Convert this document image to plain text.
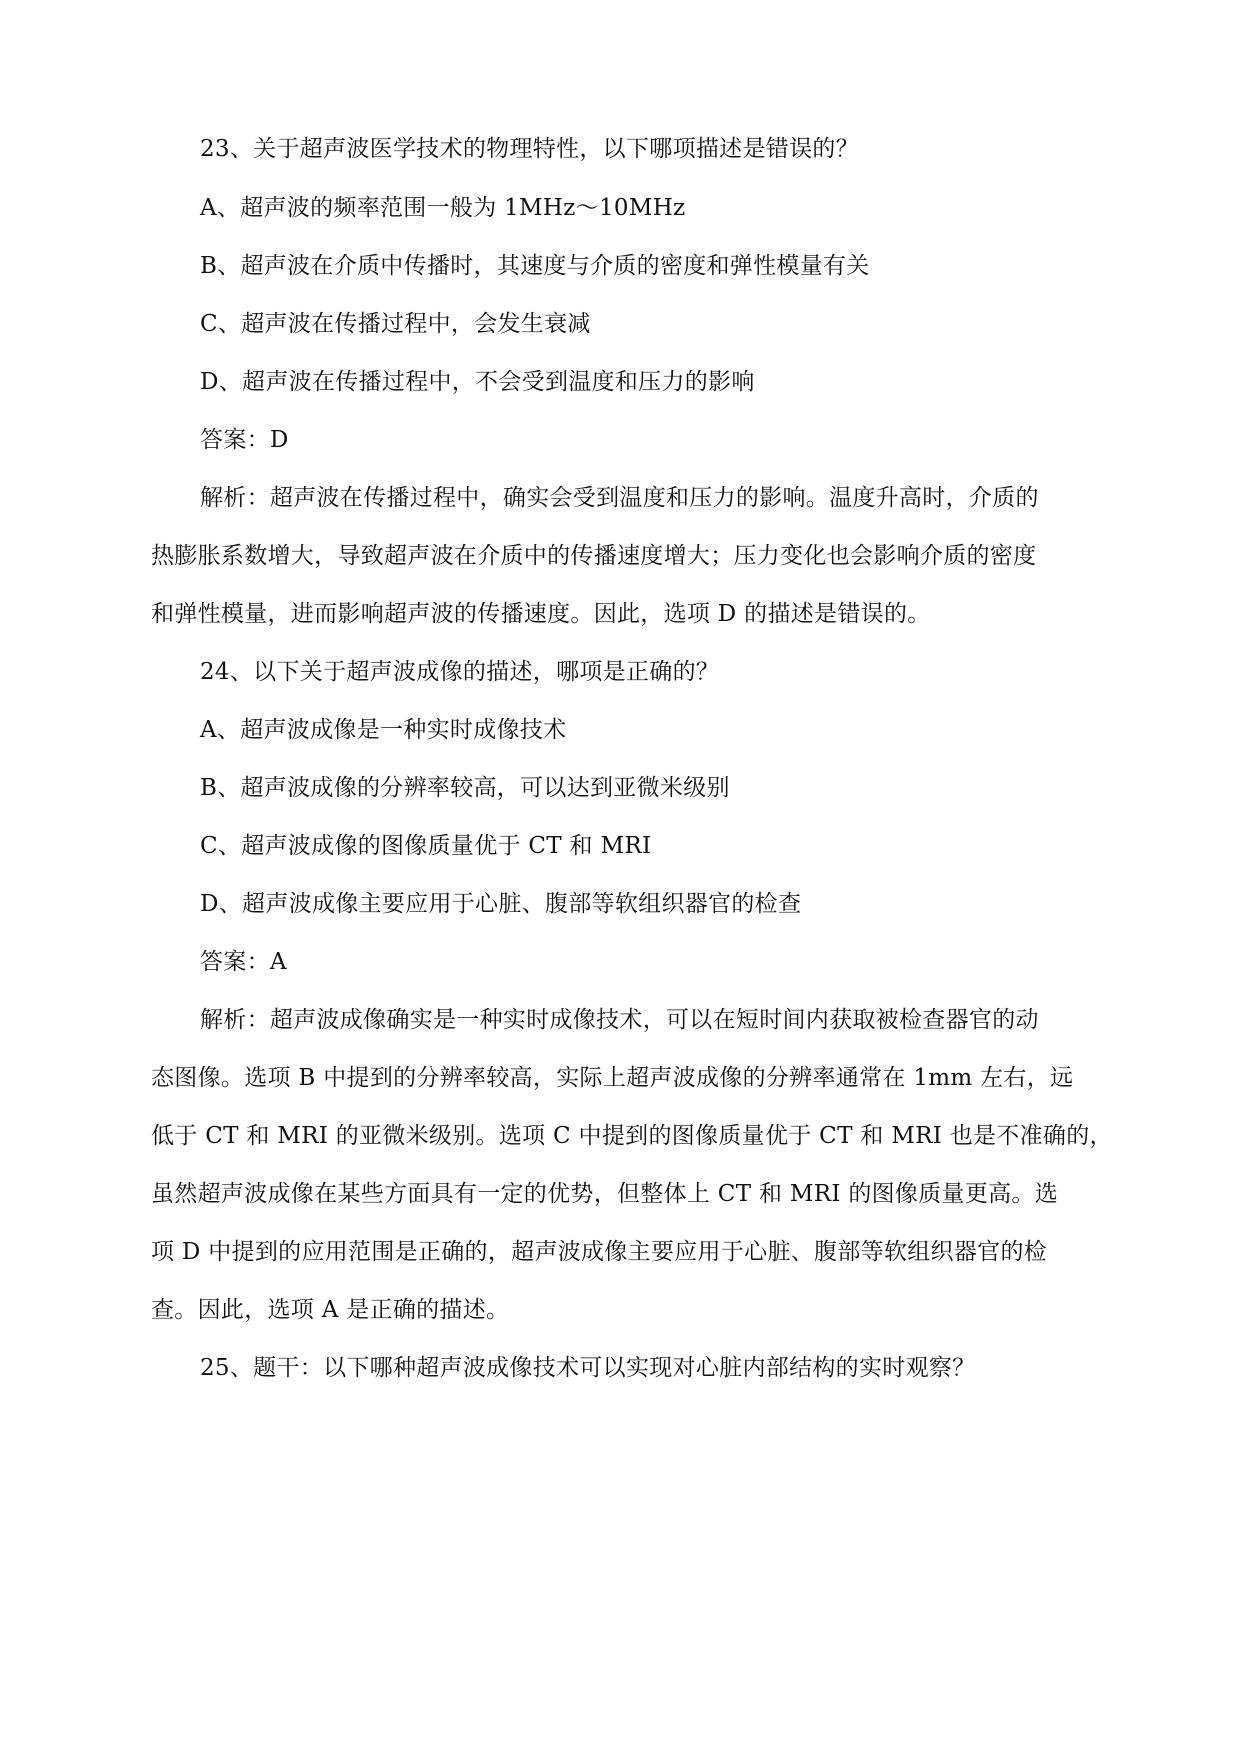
23、关于超声波医学技术的物理特性，以下哪项描述是错误的？
A、超声波的频率范围一般为 1MHz～10MHz
B、超声波在介质中传播时，其速度与介质的密度和弹性模量有关
C、超声波在传播过程中，会发生衰减
D、超声波在传播过程中，不会受到温度和压力的影响
答案：D
解析：超声波在传播过程中，确实会受到温度和压力的影响。温度升高时，介质的
热膨胀系数增大，导致超声波在介质中的传播速度增大；压力变化也会影响介质的密度
和弹性模量，进而影响超声波的传播速度。因此，选项 D 的描述是错误的。
24、以下关于超声波成像的描述，哪项是正确的？
A、超声波成像是一种实时成像技术
B、超声波成像的分辨率较高，可以达到亚微米级别
C、超声波成像的图像质量优于 CT 和 MRI
D、超声波成像主要应用于心脏、腹部等软组织器官的检查
答案：A
解析：超声波成像确实是一种实时成像技术，可以在短时间内获取被检查器官的动
态图像。选项 B 中提到的分辨率较高，实际上超声波成像的分辨率通常在 1mm 左右，远
低于 CT 和 MRI 的亚微米级别。选项 C 中提到的图像质量优于 CT 和 MRI 也是不准确的，
虽然超声波成像在某些方面具有一定的优势，但整体上 CT 和 MRI 的图像质量更高。选
项 D 中提到的应用范围是正确的，超声波成像主要应用于心脏、腹部等软组织器官的检
查。因此，选项 A 是正确的描述。
25、题干：以下哪种超声波成像技术可以实现对心脏内部结构的实时观察？
